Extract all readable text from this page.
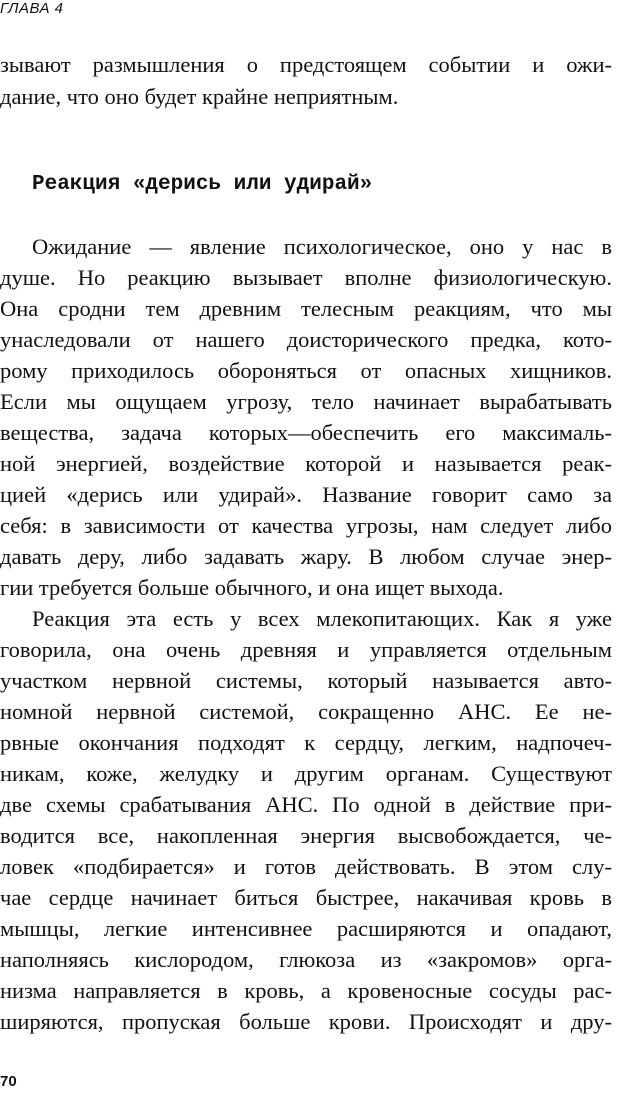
ГЛАВА 4
зывают размышления о предстоящем событии и ожи-
дание, что оно будет крайне неприятным.
Реакция «дерись или удирай»
Ожидание — явление психологическое, оно у нас в
душе. Но реакцию вызывает вполне физиологическую.
Она сродни тем древним телесным реакциям, что мы
унаследовали от нашего доисторического предка, кото-
рому приходилось обороняться от опасных хищников.
Если мы ощущаем угрозу, тело начинает вырабатывать
вещества, задача которых—обеспечить его максималь-
ной энергией, воздействие которой и называется реак-
цией «дерись или удирай». Название говорит само за
себя: в зависимости от качества угрозы, нам следует либо
давать деру, либо задавать жару. В любом случае энер-
гии требуется больше обычного, и она ищет выхода.
Реакция эта есть у всех млекопитающих. Как я уже
говорила, она очень древняя и управляется отдельным
участком нервной системы, который называется авто-
номной нервной системой, сокращенно АНС. Ее не-
рвные окончания подходят к сердцу, легким, надпочеч-
никам, коже, желудку и другим органам. Существуют
две схемы срабатывания АНС. По одной в действие при-
водится все, накопленная энергия высвобождается, че-
ловек «подбирается» и готов действовать. В этом слу-
чае сердце начинает биться быстрее, накачивая кровь в
мышцы, легкие интенсивнее расширяются и опадают,
наполняясь кислородом, глюкоза из «закромов» орга-
низма направляется в кровь, а кровеносные сосуды рас-
ширяются, пропуская больше крови. Происходят и дру-
70
